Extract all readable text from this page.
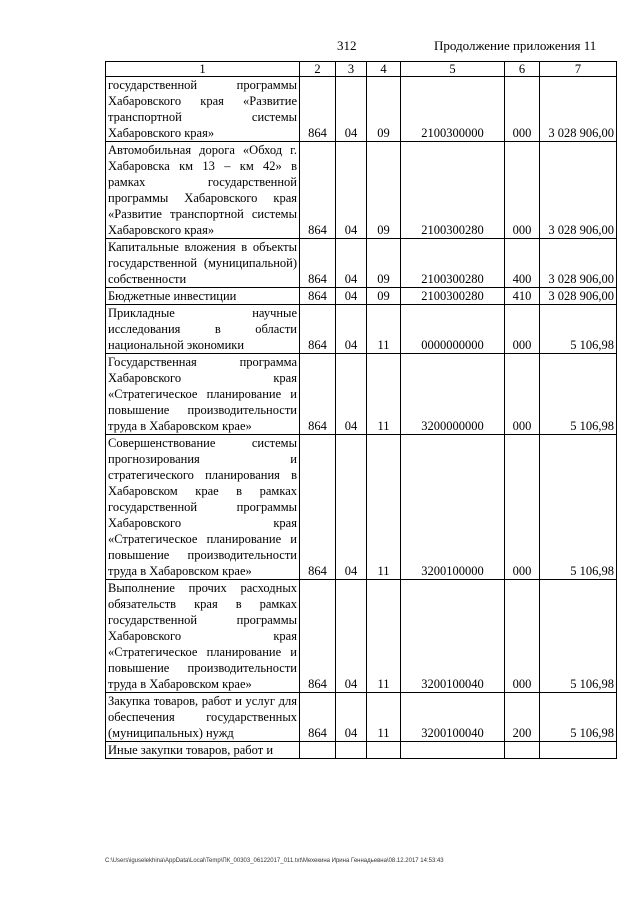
312	Продолжение приложения 11
1	2	3	4	5	6	7
государственной программы Хабаровского края «Развитие транспортной системы Хабаровского края»	864	04	09	2100300000	000	3 028 906,00
Автомобильная дорога «Обход г. Хабаровска км 13 – км 42» в рамках государственной программы Хабаровского края «Развитие транспортной системы Хабаровского края»	864	04	09	2100300280	000	3 028 906,00
Капитальные вложения в объекты государственной (муниципальной) собственности	864	04	09	2100300280	400	3 028 906,00
Бюджетные инвестиции	864	04	09	2100300280	410	3 028 906,00
Прикладные научные исследования в области национальной экономики	864	04	11	0000000000	000	5 106,98
Государственная программа Хабаровского края «Стратегическое планирование и повышение производительности труда в Хабаровском крае»	864	04	11	3200000000	000	5 106,98
Совершенствование системы прогнозирования и стратегического планирования в Хабаровском крае в рамках государственной программы Хабаровского края «Стратегическое планирование и повышение производительности труда в Хабаровском крае»	864	04	11	3200100000	000	5 106,98
Выполнение прочих расходных обязательств края в рамках государственной программы Хабаровского края «Стратегическое планирование и повышение производительности труда в Хабаровском крае»	864	04	11	3200100040	000	5 106,98
Закупка товаров, работ и услуг для обеспечения государственных (муниципальных) нужд	864	04	11	3200100040	200	5 106,98
Иные закупки товаров, работ и						
C:\Users\iguselekhina\AppData\Local\Temp\ПК_00303_06122017_011.txt\Мехекина Ирина Геннадьевна\08.12.2017 14:53:43
